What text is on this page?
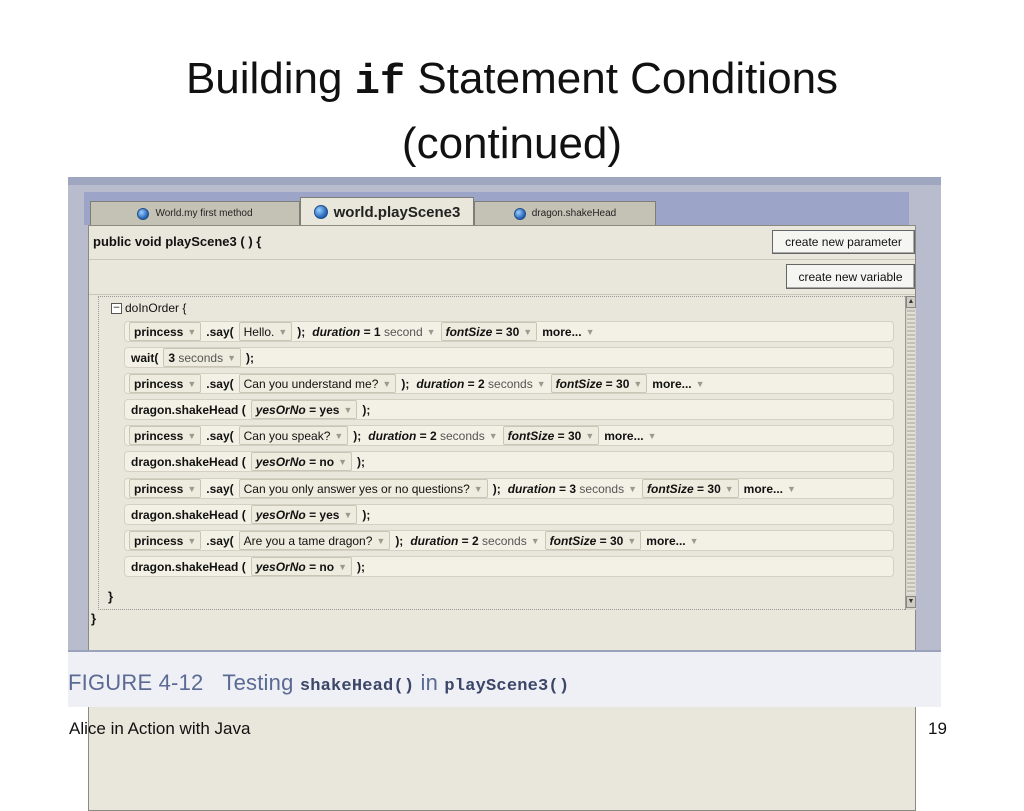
Building if Statement Conditions
(continued)
World.my first method	world.playScene3	dragon.shakeHead
public void playScene3 ( ) {	create new parameter
create new variable
− doInOrder {
princess ▼ .say( Hello. ▼ ); duration
= 1
second ▼ fontSize
= 30 ▼ more... ▼
wait( 3
seconds ▼ );
princess ▼ .say( Can you understand me? ▼ ); duration
= 2
seconds ▼ fontSize
= 30 ▼ more... ▼
dragon.shakeHead ( yesOrNo
= yes ▼ );
princess ▼ .say( Can you speak? ▼ ); duration
= 2
seconds ▼ fontSize
= 30 ▼ more... ▼
dragon.shakeHead ( yesOrNo
= no ▼ );
princess ▼ .say( Can you only answer yes or no questions? ▼ ); duration
= 3
seconds ▼ fontSize
= 30 ▼ more... ▼
dragon.shakeHead ( yesOrNo
= yes ▼ );
princess ▼ .say( Are you a tame dragon? ▼ ); duration
= 2
seconds ▼ fontSize
= 30 ▼ more... ▼
dragon.shakeHead ( yesOrNo
= no ▼ );
}
}
▲
▼
FIGURE 4-12 Testing shakeHead() in playScene3()
Alice in Action with Java	19
